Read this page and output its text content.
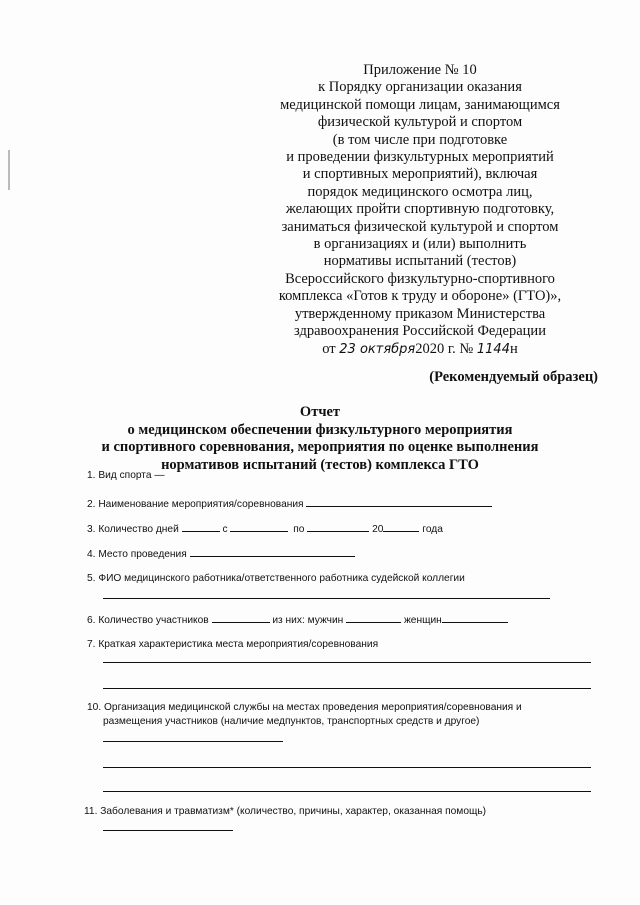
Приложение № 10
к Порядку организации оказания
медицинской помощи лицам, занимающимся
физической культурой и спортом
(в том числе при подготовке
и проведении физкультурных мероприятий
и спортивных мероприятий), включая
порядок медицинского осмотра лиц,
желающих пройти спортивную подготовку,
заниматься физической культурой и спортом
в организациях и (или) выполнить
нормативы испытаний (тестов)
Всероссийского физкультурно-спортивного
комплекса «Готов к труду и обороне» (ГТО)»,
утвержденному приказом Министерства
здравоохранения Российской Федерации
от 23 октября2020 г. № 1144н
(Рекомендуемый образец)
Отчет
о медицинском обеспечении физкультурного мероприятия
и спортивного соревнования, мероприятия по оценке выполнения
нормативов испытаний (тестов) комплекса ГТО
1. Вид спорта —
2. Наименование мероприятия/соревнования
3. Количество дней	с	по	20	года
4. Место проведения
5. ФИО медицинского работника/ответственного работника судейской коллегии
6. Количество участников	из них: мужчин	женщин
7. Краткая характеристика места мероприятия/соревнования
10. Организация медицинской службы на местах проведения мероприятия/соревнования и
размещения участников (наличие медпунктов, транспортных средств и другое)
11. Заболевания и травматизм* (количество, причины, характер, оказанная помощь)
